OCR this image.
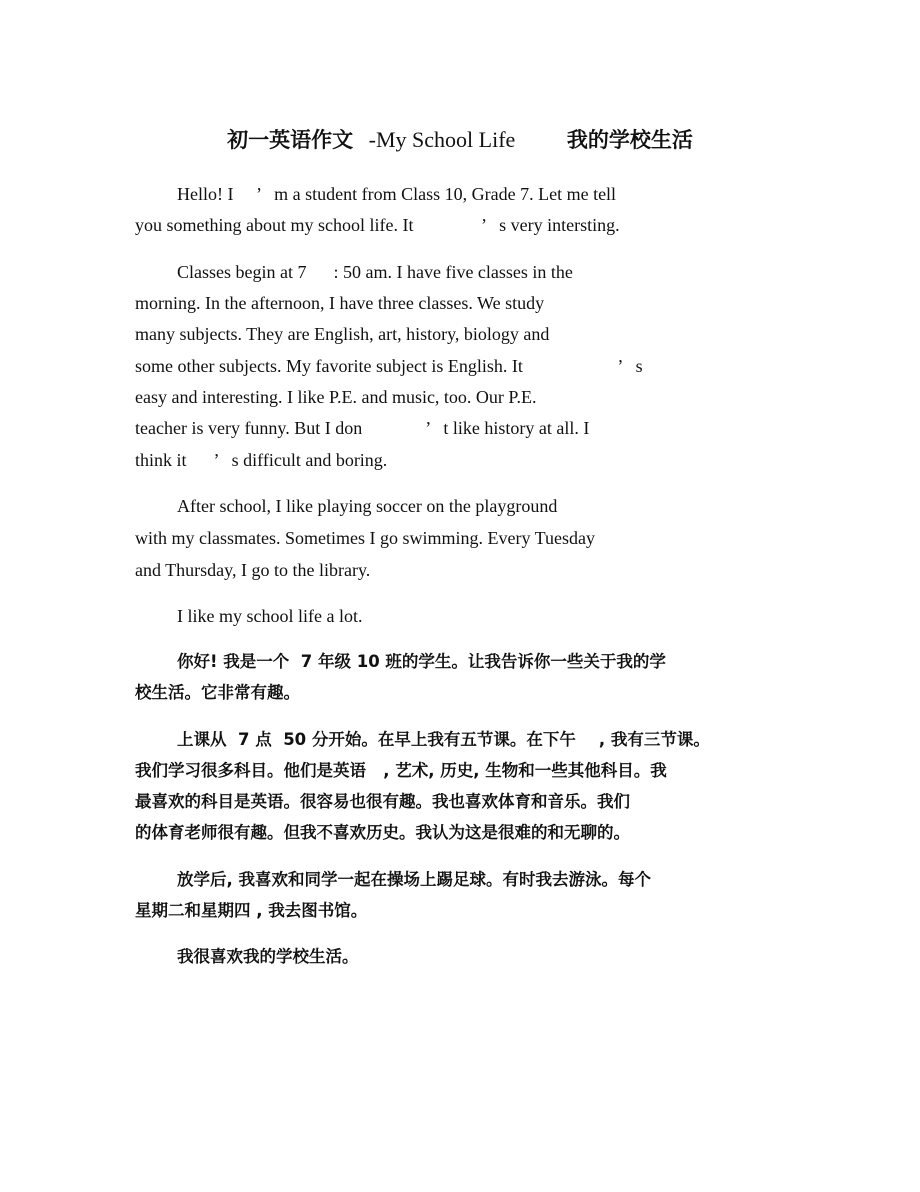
初一英语作文 -My School Life 我的学校生活
Hello! I     ’   m a student from Class 10, Grade 7. Let me tell
you something about my school life. It               ’   s very intersting.
Classes begin at 7      : 50 am. I have five classes in the
morning. In the afternoon, I have three classes. We study
many subjects. They are English, art, history, biology and
some other subjects. My favorite subject is English. It                     ’   s
easy and interesting. I like P.E. and music, too. Our P.E.
teacher is very funny. But I don              ’   t like history at all. I
think it      ’   s difficult and boring.
After school, I like playing soccer on the playground
with my classmates. Sometimes I go swimming. Every Tuesday
and Thursday, I go to the library.
I like my school life a lot.
你好! 我是一个  7 年级 10 班的学生。让我告诉你一些关于我的学
校生活。它非常有趣。
上课从  7 点  50 分开始。在早上我有五节课。在下午    , 我有三节课。
我们学习很多科目。他们是英语   , 艺术, 历史, 生物和一些其他科目。我
最喜欢的科目是英语。很容易也很有趣。我也喜欢体育和音乐。我们
的体育老师很有趣。但我不喜欢历史。我认为这是很难的和无聊的。
放学后, 我喜欢和同学一起在操场上踢足球。有时我去游泳。每个
星期二和星期四 , 我去图书馆。
我很喜欢我的学校生活。
